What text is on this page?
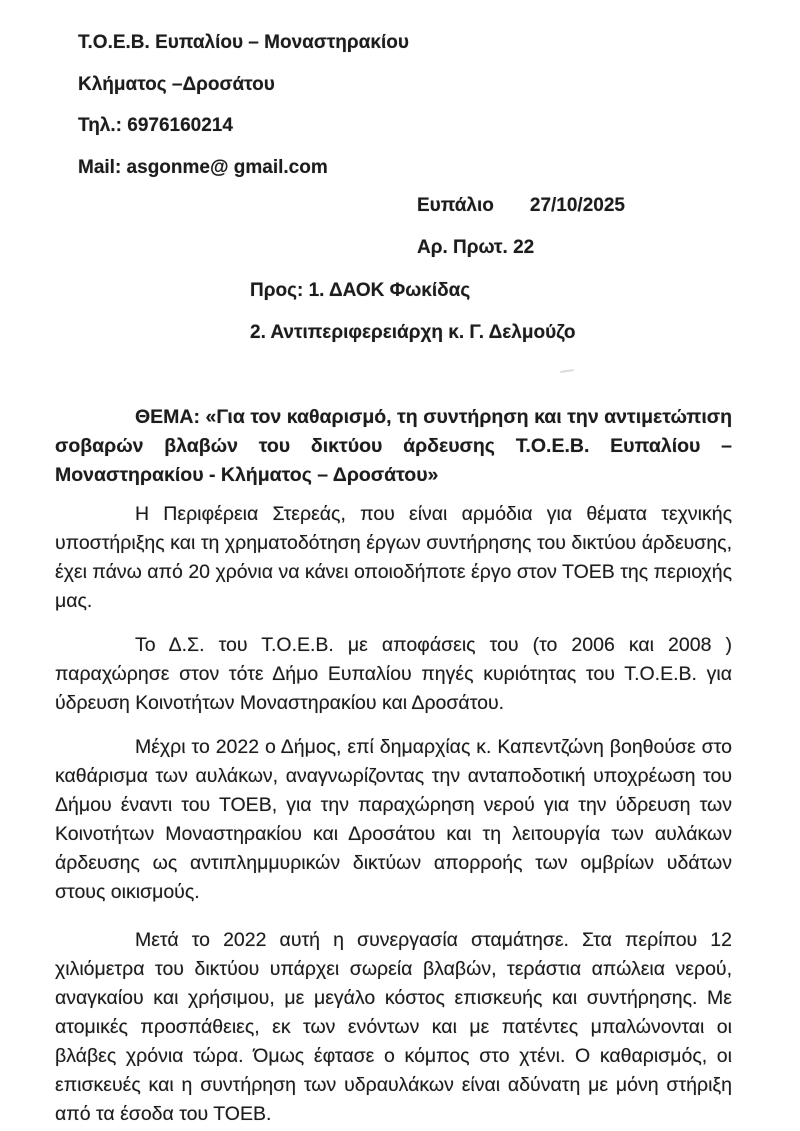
Τ.Ο.Ε.Β. Ευπαλίου – Μοναστηρακίου
Κλήματος –Δροσάτου
Τηλ.: 6976160214
Mail: asgonme@ gmail.com
Ευπάλιο 27/10/2025
Αρ. Πρωτ. 22
Προς: 1. ΔΑΟΚ Φωκίδας
2. Αντιπεριφερειάρχη κ. Γ. Δελμούζο

ΘΕΜΑ: «Για τον καθαρισμό, τη συντήρηση και την αντιμετώπιση σοβαρών βλαβών του δικτύου άρδευσης Τ.Ο.Ε.Β. Ευπαλίου – Μοναστηρακίου - Κλήματος – Δροσάτου»

Η Περιφέρεια Στερεάς, που είναι αρμόδια για θέματα τεχνικής υποστήριξης και τη χρηματοδότηση έργων συντήρησης του δικτύου άρδευσης, έχει πάνω από 20 χρόνια να κάνει οποιοδήποτε έργο στον ΤΟΕΒ της περιοχής μας.

Το Δ.Σ. του Τ.Ο.Ε.Β. με αποφάσεις του (το 2006 και 2008 ) παραχώρησε στον τότε Δήμο Ευπαλίου πηγές κυριότητας του Τ.Ο.Ε.Β. για ύδρευση Κοινοτήτων Μοναστηρακίου και Δροσάτου.

Μέχρι το 2022 ο Δήμος, επί δημαρχίας κ. Καπεντζώνη βοηθούσε στο καθάρισμα των αυλάκων, αναγνωρίζοντας την ανταποδοτική υποχρέωση του Δήμου έναντι του ΤΟΕΒ, για την παραχώρηση νερού για την ύδρευση των Κοινοτήτων Μοναστηρακίου και Δροσάτου και τη λειτουργία των αυλάκων άρδευσης ως αντιπλημμυρικών δικτύων απορροής των ομβρίων υδάτων στους οικισμούς.

Μετά το 2022 αυτή η συνεργασία σταμάτησε. Στα περίπου 12 χιλιόμετρα του δικτύου υπάρχει σωρεία βλαβών, τεράστια απώλεια νερού, αναγκαίου και χρήσιμου, με μεγάλο κόστος επισκευής και συντήρησης. Με ατομικές προσπάθειες, εκ των ενόντων και με πατέντες μπαλώνονται οι βλάβες χρόνια τώρα. Όμως έφτασε ο κόμπος στο χτένι. Ο καθαρισμός, οι επισκευές και η συντήρηση των υδραυλάκων είναι αδύνατη με μόνη στήριξη από τα έσοδα του ΤΟΕΒ.
